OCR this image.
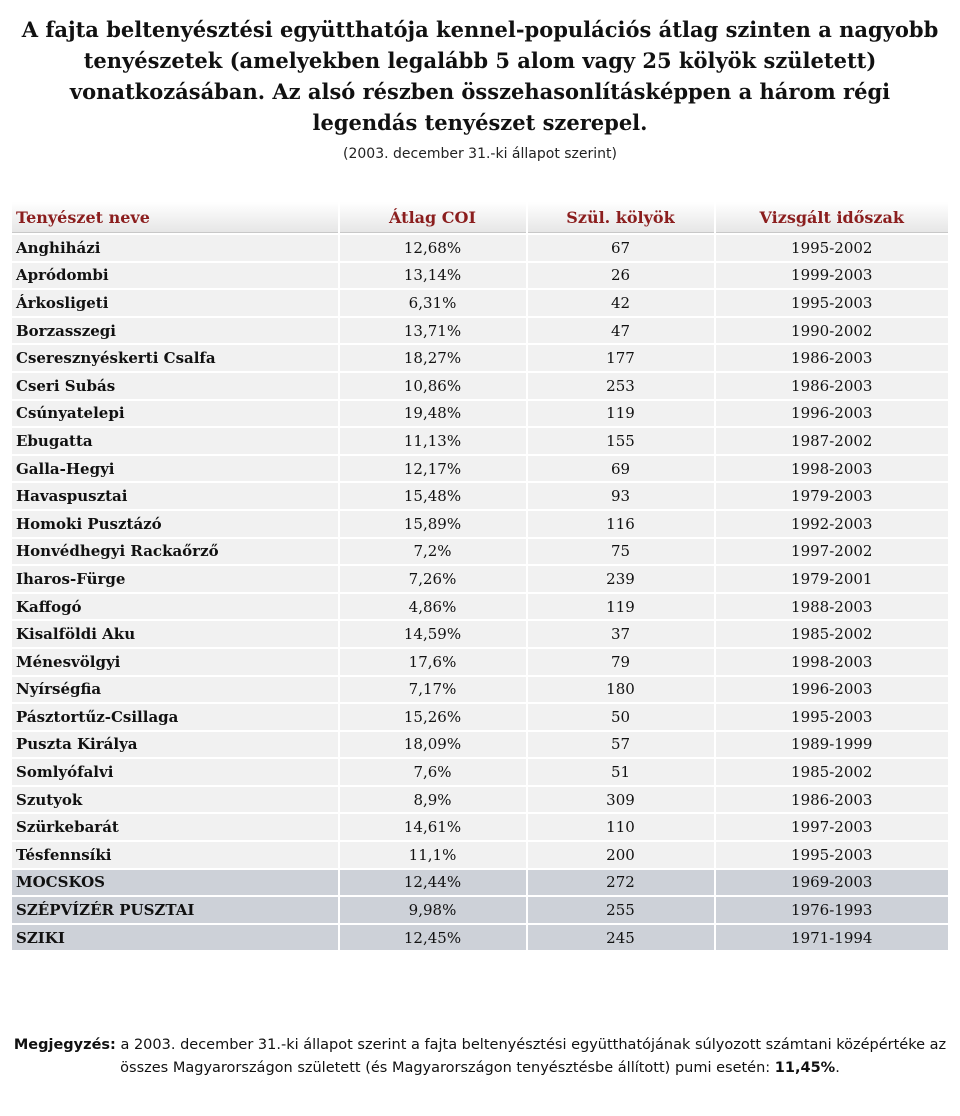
A fajta beltenyésztési együtthatója kennel-populációs átlag szinten a nagyobb tenyészetek (amelyekben legalább 5 alom vagy 25 kölyök született) vonatkozásában. Az alsó részben összehasonlításképpen a három régi legendás tenyészet szerepel.
(2003. december 31.-ki állapot szerint)
Tenyészet neve	Átlag COI	Szül. kölyök	Vizsgált időszak
Anghiházi	12,68%	67	1995-2002
Apródombi	13,14%	26	1999-2003
Árkosligeti	6,31%	42	1995-2003
Borzasszegi	13,71%	47	1990-2002
Cseresznyéskerti Csalfa	18,27%	177	1986-2003
Cseri Subás	10,86%	253	1986-2003
Csúnyatelepi	19,48%	119	1996-2003
Ebugatta	11,13%	155	1987-2002
Galla-Hegyi	12,17%	69	1998-2003
Havaspusztai	15,48%	93	1979-2003
Homoki Pusztázó	15,89%	116	1992-2003
Honvédhegyi Rackaőrző	7,2%	75	1997-2002
Iharos-Fürge	7,26%	239	1979-2001
Kaffogó	4,86%	119	1988-2003
Kisalföldi Aku	14,59%	37	1985-2002
Ménesvölgyi	17,6%	79	1998-2003
Nyírségfia	7,17%	180	1996-2003
Pásztortűz-Csillaga	15,26%	50	1995-2003
Puszta Királya	18,09%	57	1989-1999
Somlyófalvi	7,6%	51	1985-2002
Szutyok	8,9%	309	1986-2003
Szürkebarát	14,61%	110	1997-2003
Tésfennsíki	11,1%	200	1995-2003
MOCSKOS	12,44%	272	1969-2003
SZÉPVÍZÉR PUSZTAI	9,98%	255	1976-1993
SZIKI	12,45%	245	1971-1994
Megjegyzés: a 2003. december 31.-ki állapot szerint a fajta beltenyésztési együtthatójának súlyozott számtani középértéke az összes Magyarországon született (és Magyarországon tenyésztésbe állított) pumi esetén: 11,45%.
